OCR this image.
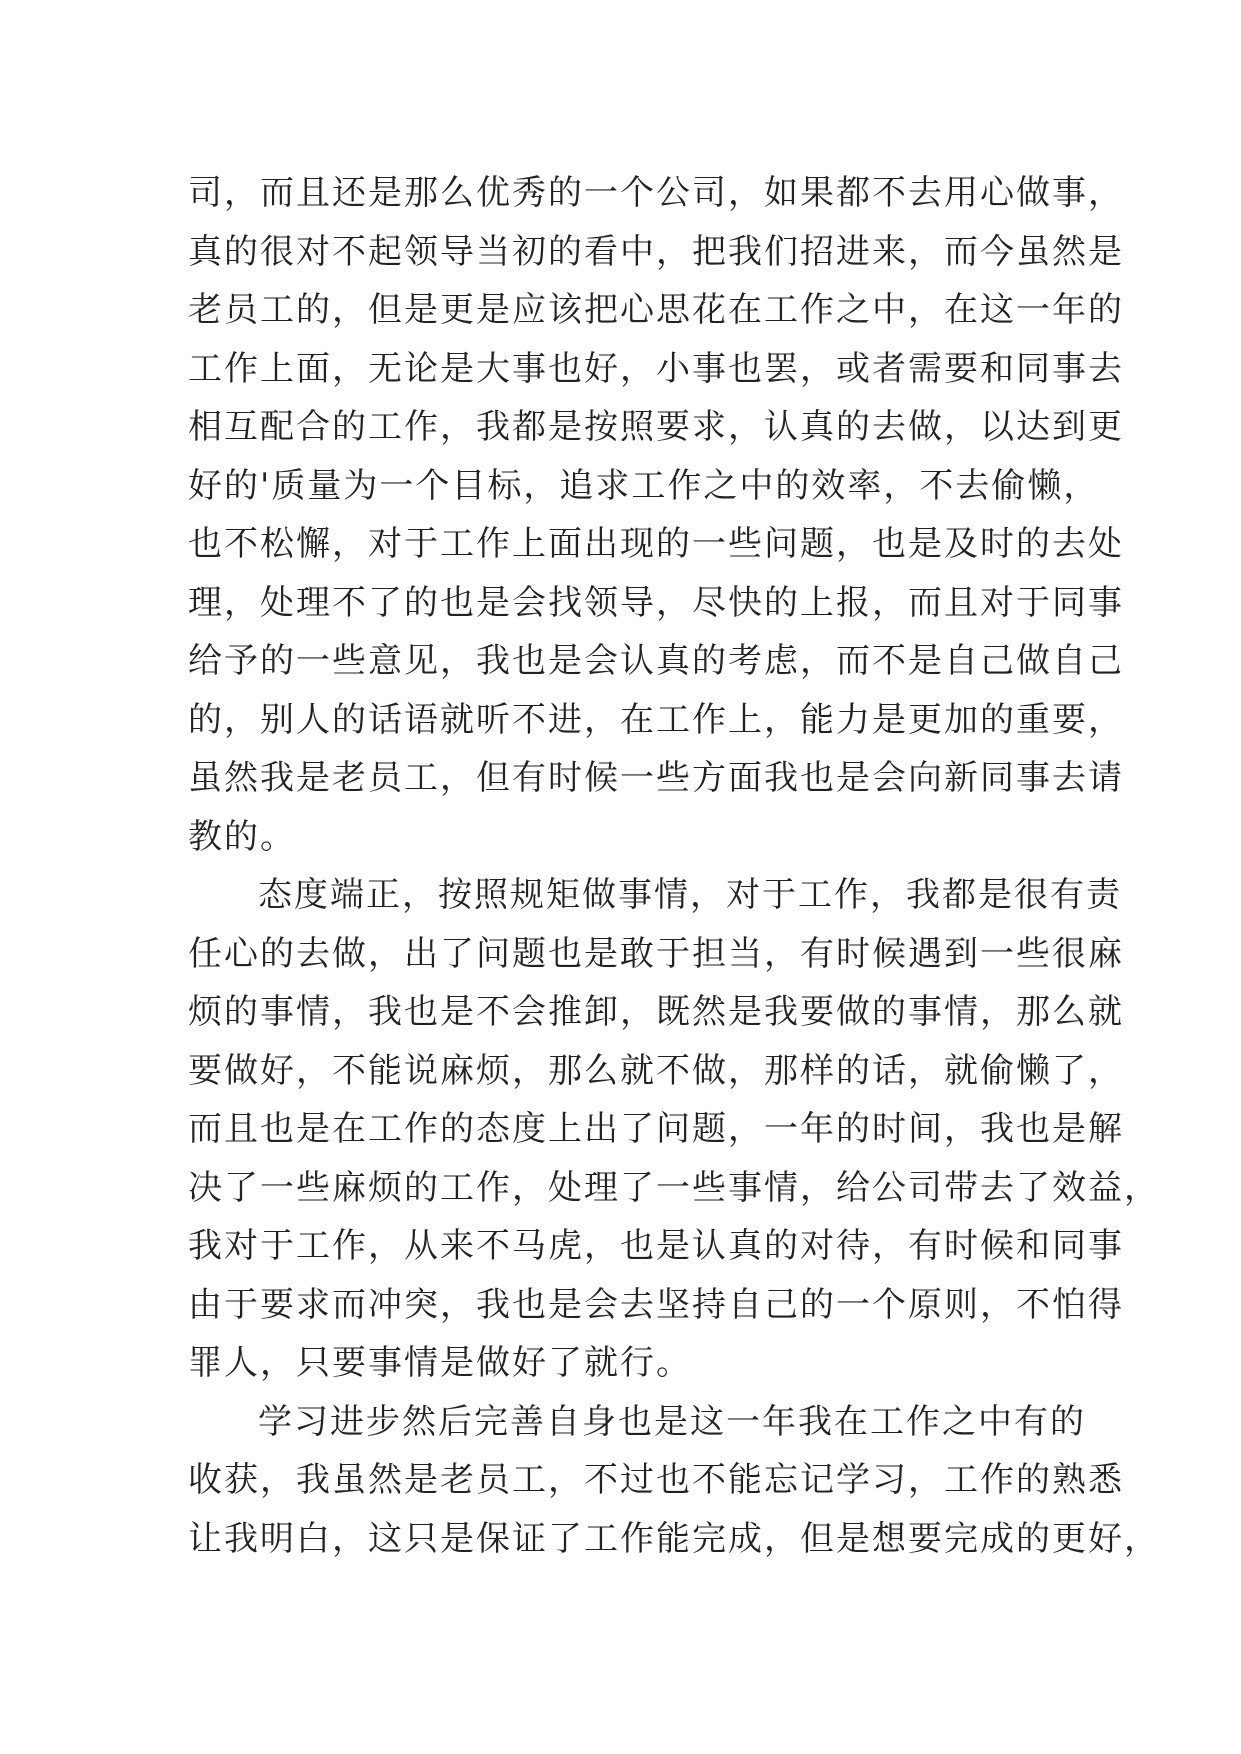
司，而且还是那么优秀的一个公司，如果都不去用心做事，
真的很对不起领导当初的看中，把我们招进来，而今虽然是
老员工的，但是更是应该把心思花在工作之中，在这一年的
工作上面，无论是大事也好，小事也罢，或者需要和同事去
相互配合的工作，我都是按照要求，认真的去做，以达到更
好的'质量为一个目标，追求工作之中的效率，不去偷懒，
也不松懈，对于工作上面出现的一些问题，也是及时的去处
理，处理不了的也是会找领导，尽快的上报，而且对于同事
给予的一些意见，我也是会认真的考虑，而不是自己做自己
的，别人的话语就听不进，在工作上，能力是更加的重要，
虽然我是老员工，但有时候一些方面我也是会向新同事去请
教的。
态度端正，按照规矩做事情，对于工作，我都是很有责
任心的去做，出了问题也是敢于担当，有时候遇到一些很麻
烦的事情，我也是不会推卸，既然是我要做的事情，那么就
要做好，不能说麻烦，那么就不做，那样的话，就偷懒了，
而且也是在工作的态度上出了问题，一年的时间，我也是解
决了一些麻烦的工作，处理了一些事情，给公司带去了效益，
我对于工作，从来不马虎，也是认真的对待，有时候和同事
由于要求而冲突，我也是会去坚持自己的一个原则，不怕得
罪人，只要事情是做好了就行。
学习进步然后完善自身也是这一年我在工作之中有的
收获，我虽然是老员工，不过也不能忘记学习，工作的熟悉
让我明白，这只是保证了工作能完成，但是想要完成的更好，
